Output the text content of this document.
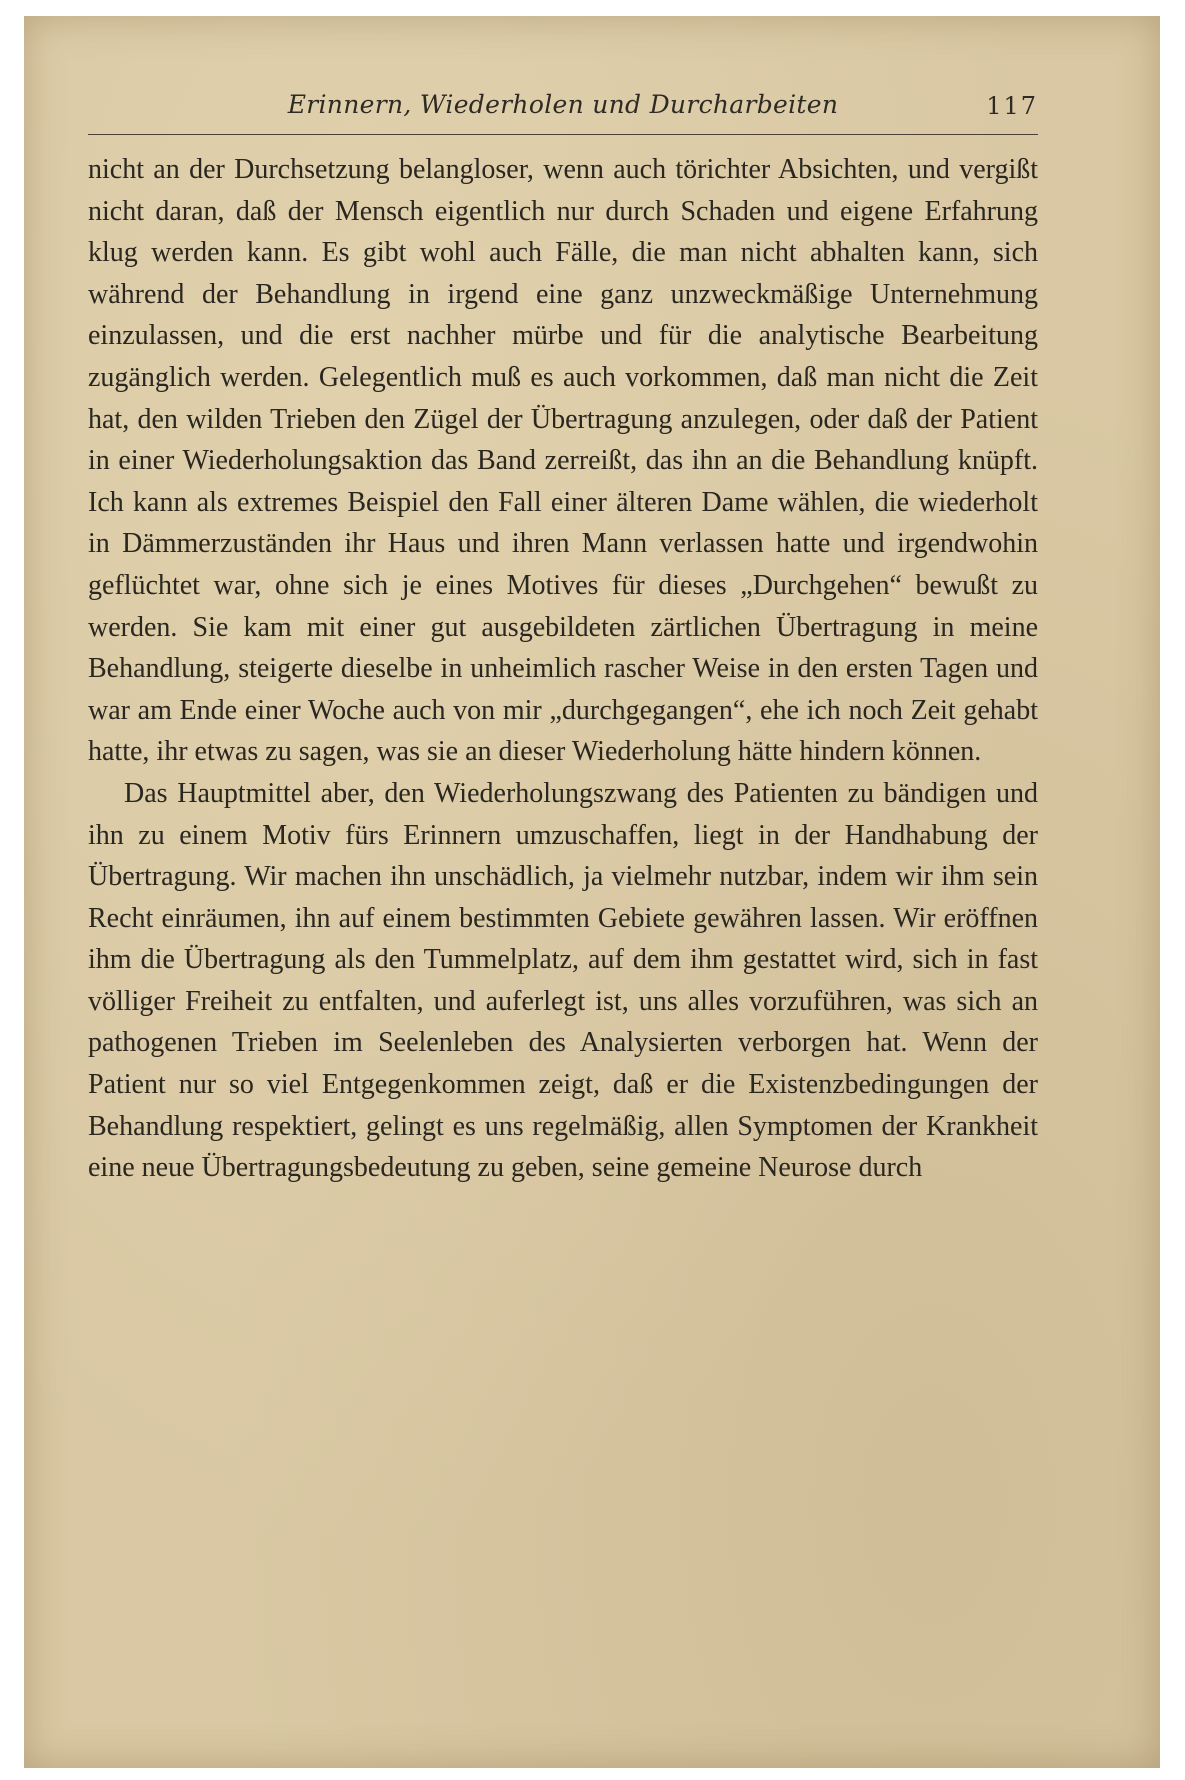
Erinnern, Wiederholen und Durcharbeiten	117

nicht an der Durchsetzung belangloser, wenn auch törichter Absichten, und vergißt nicht daran, daß der Mensch eigentlich nur durch Schaden und eigene Erfahrung klug werden kann. Es gibt wohl auch Fälle, die man nicht abhalten kann, sich während der Behandlung in irgend eine ganz unzweckmäßige Unternehmung einzulassen, und die erst nachher mürbe und für die analytische Bearbeitung zugänglich werden. Gelegentlich muß es auch vorkommen, daß man nicht die Zeit hat, den wilden Trieben den Zügel der Übertragung anzulegen, oder daß der Patient in einer Wiederholungsaktion das Band zerreißt, das ihn an die Behandlung knüpft. Ich kann als extremes Beispiel den Fall einer älteren Dame wählen, die wiederholt in Dämmerzuständen ihr Haus und ihren Mann verlassen hatte und irgendwohin geflüchtet war, ohne sich je eines Motives für dieses „Durchgehen“ bewußt zu werden. Sie kam mit einer gut ausgebildeten zärtlichen Übertragung in meine Behandlung, steigerte dieselbe in unheimlich rascher Weise in den ersten Tagen und war am Ende einer Woche auch von mir „durchgegangen“, ehe ich noch Zeit gehabt hatte, ihr etwas zu sagen, was sie an dieser Wiederholung hätte hindern können.

Das Hauptmittel aber, den Wiederholungszwang des Patienten zu bändigen und ihn zu einem Motiv fürs Erinnern umzuschaffen, liegt in der Handhabung der Übertragung. Wir machen ihn unschädlich, ja vielmehr nutzbar, indem wir ihm sein Recht einräumen, ihn auf einem bestimmten Gebiete gewähren lassen. Wir eröffnen ihm die Übertragung als den Tummelplatz, auf dem ihm gestattet wird, sich in fast völliger Freiheit zu entfalten, und auferlegt ist, uns alles vorzuführen, was sich an pathogenen Trieben im Seelenleben des Analysierten verborgen hat. Wenn der Patient nur so viel Entgegenkommen zeigt, daß er die Existenzbedingungen der Behandlung respektiert, gelingt es uns regelmäßig, allen Symptomen der Krankheit eine neue Übertragungsbedeutung zu geben, seine gemeine Neurose durch
